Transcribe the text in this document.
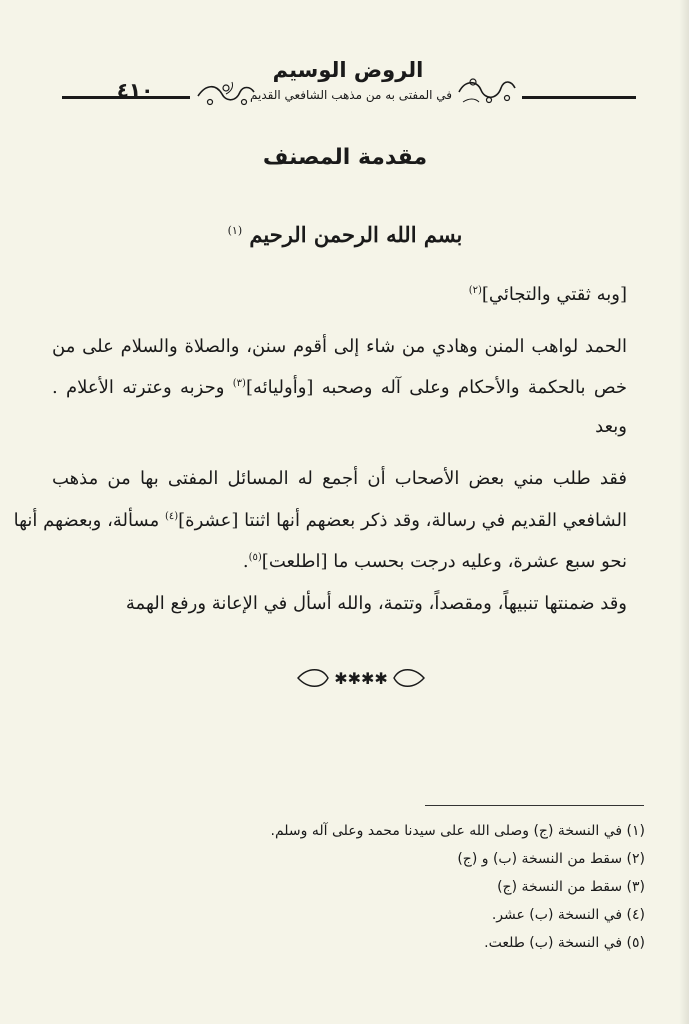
٤١٠
الروض الوسيم
في المفتى به من مذهب الشافعي القديم
مقدمة المصنف
بسم الله الرحمن الرحيم $^{(١)}$
[وبه ثقتي والتجائي]$^{(٢)}$
الحمد لواهب المنن وهادي من شاء إلى أقوم سنن، والصلاة والسلام على من
خص بالحكمة والأحكام وعلى آله وصحبه [وأوليائه]$^{(٣)}$ وحزبه وعترته الأعلام .
وبعد
فقد طلب مني بعض الأصحاب أن أجمع له المسائل المفتى بها من مذهب
الشافعي القديم في رسالة، وقد ذكر بعضهم أنها اثنتا [عشرة]$^{(٤)}$ مسألة، وبعضهم أنها
نحو سبع عشرة، وعليه درجت بحسب ما [اطلعت]$^{(٥)}$.
وقد ضمنتها تنبيهاً، ومقصداً، وتتمة، والله أسأل في الإعانة ورفع الهمة
✱✱✱✱
(١) في النسخة (ج) وصلى الله على سيدنا محمد وعلى آله وسلم.
(٢) سقط من النسخة (ب) و (ج)
(٣) سقط من النسخة (ج)
(٤) في النسخة (ب) عشر.
(٥) في النسخة (ب) طلعت.
